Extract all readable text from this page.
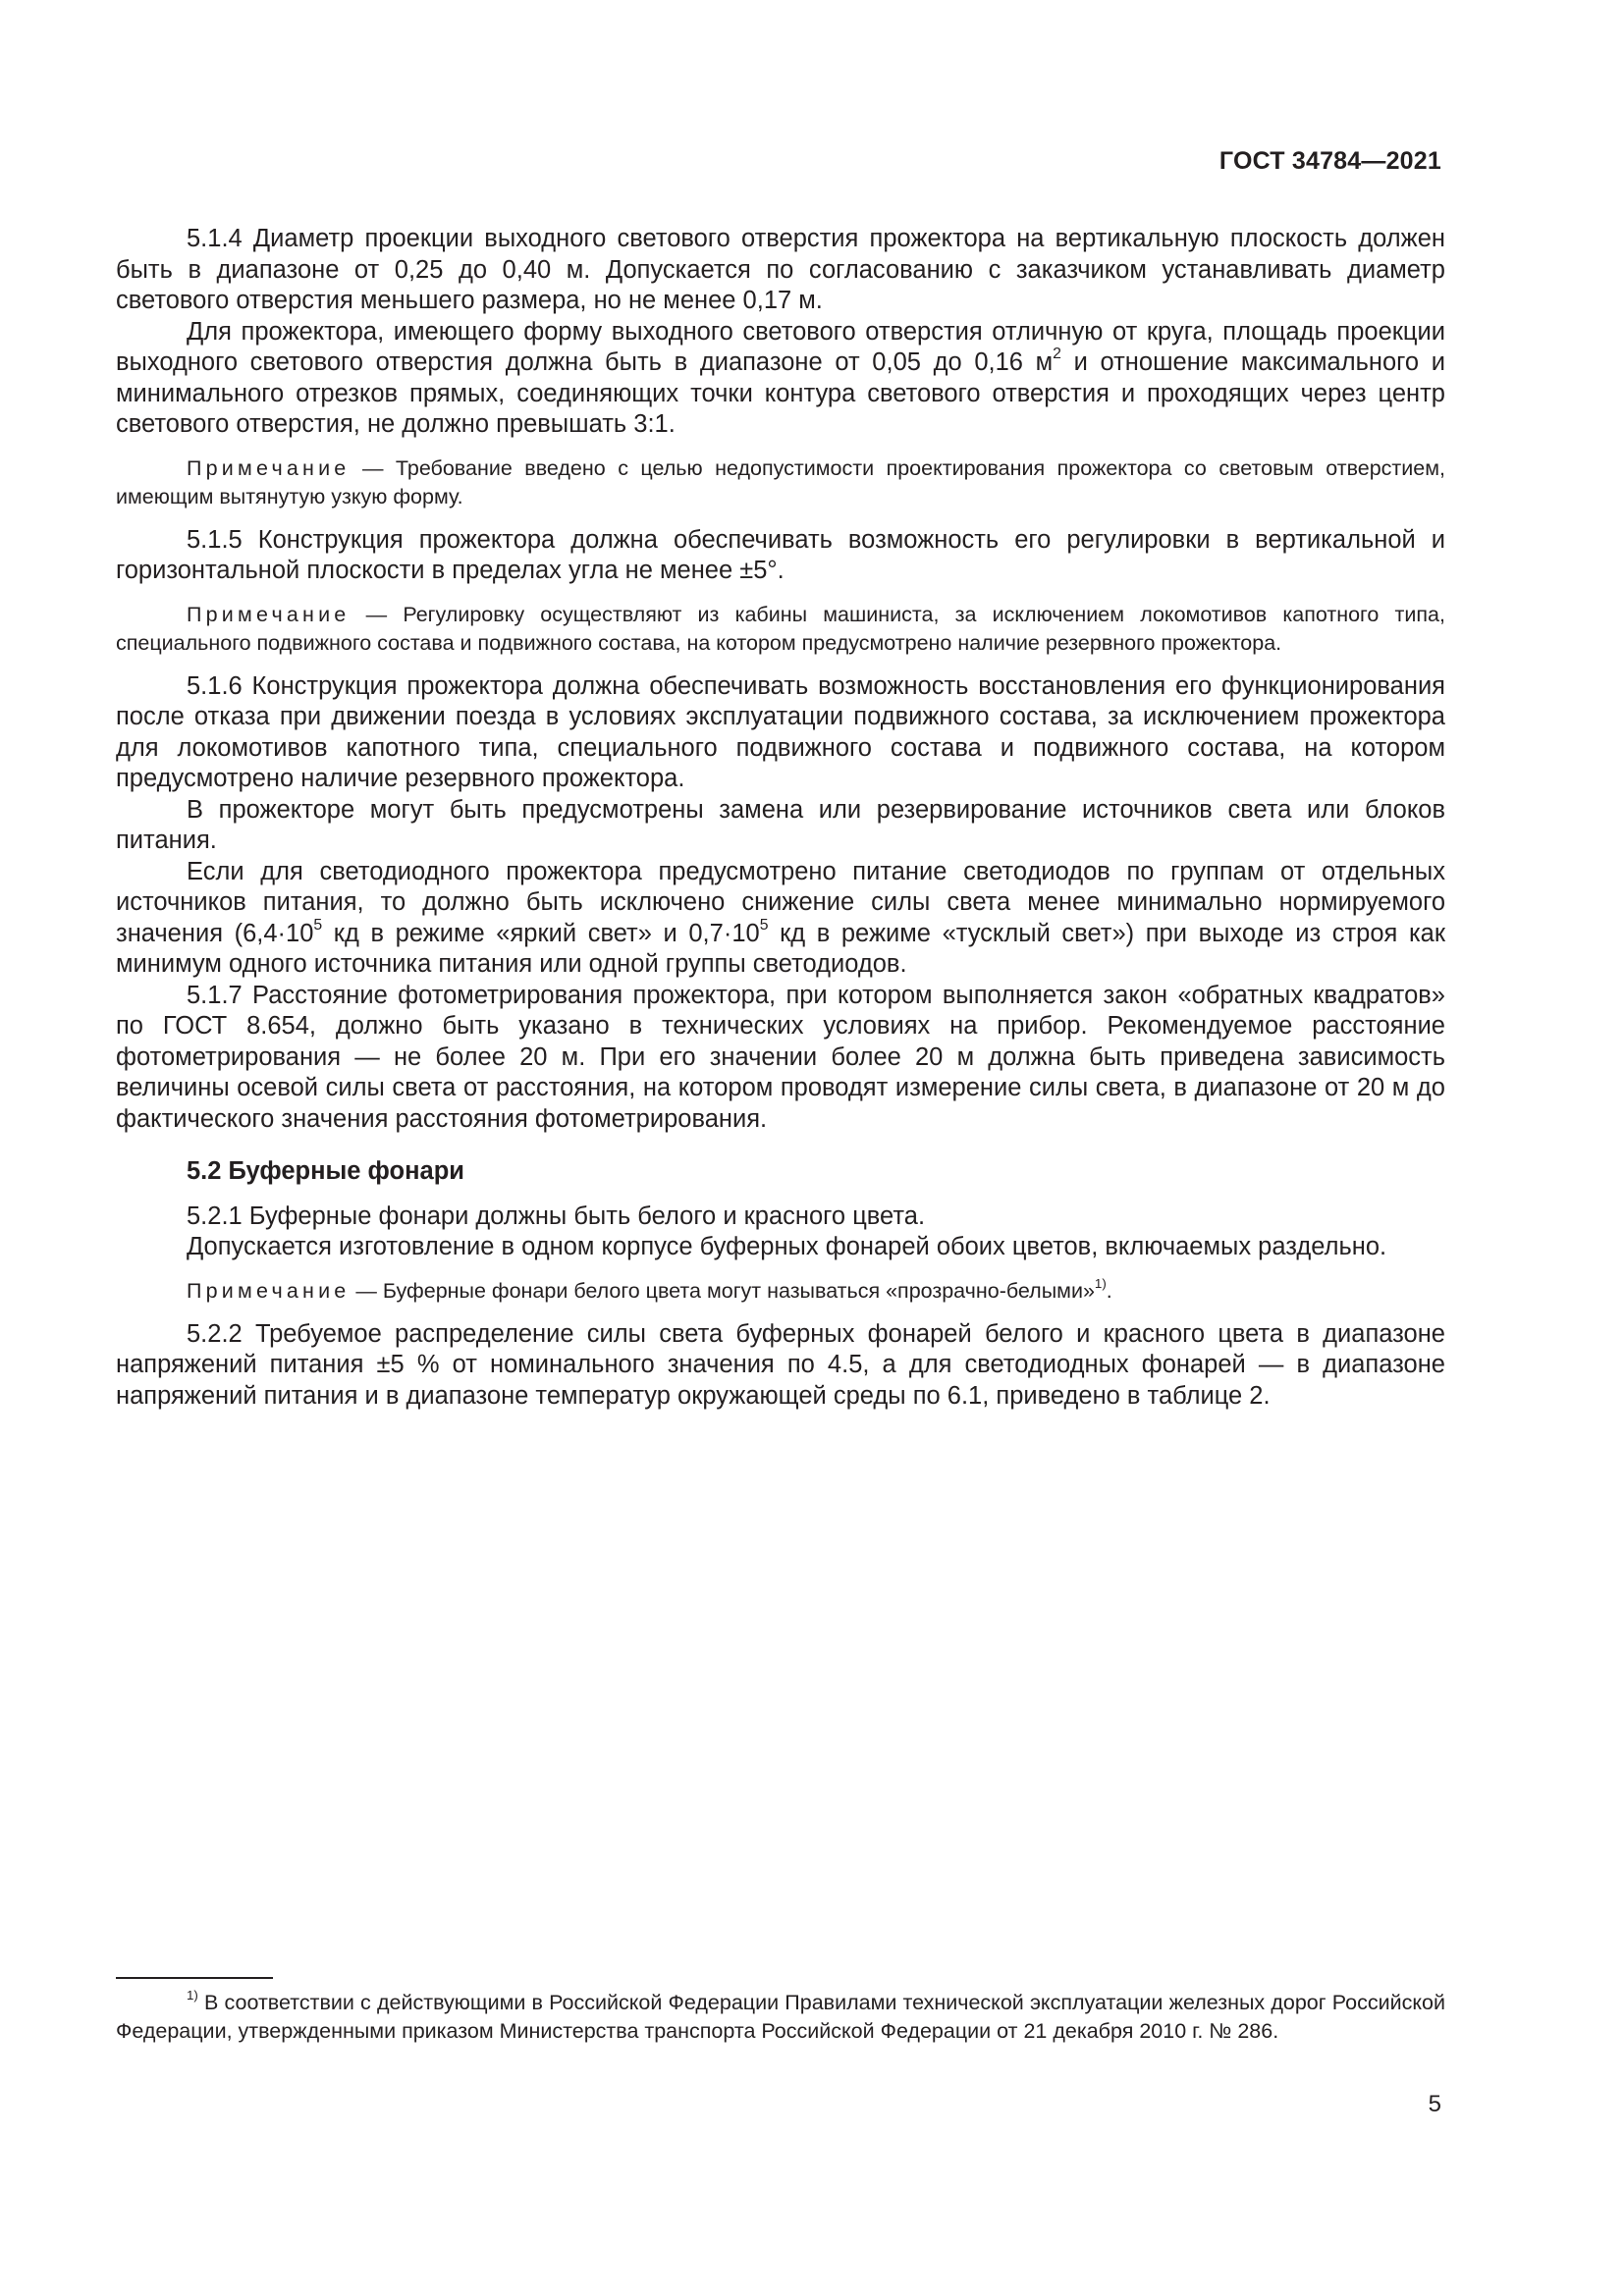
ГОСТ 34784—2021

5.1.4 Диаметр проекции выходного светового отверстия прожектора на вертикальную плоскость должен быть в диапазоне от 0,25 до 0,40 м. Допускается по согласованию с заказчиком устанавливать диаметр светового отверстия меньшего размера, но не менее 0,17 м.

Для прожектора, имеющего форму выходного светового отверстия отличную от круга, площадь проекции выходного светового отверстия должна быть в диапазоне от 0,05 до 0,16 $м^2$ и отношение максимального и минимального отрезков прямых, соединяющих точки контура светового отверстия и проходящих через центр светового отверстия, не должно превышать 3:1.

Примечание — Требование введено с целью недопустимости проектирования прожектора со световым отверстием, имеющим вытянутую узкую форму.

5.1.5 Конструкция прожектора должна обеспечивать возможность его регулировки в вертикальной и горизонтальной плоскости в пределах угла не менее ±5°.

Примечание — Регулировку осуществляют из кабины машиниста, за исключением локомотивов капотного типа, специального подвижного состава и подвижного состава, на котором предусмотрено наличие резервного прожектора.

5.1.6 Конструкция прожектора должна обеспечивать возможность восстановления его функционирования после отказа при движении поезда в условиях эксплуатации подвижного состава, за исключением прожектора для локомотивов капотного типа, специального подвижного состава и подвижного состава, на котором предусмотрено наличие резервного прожектора.

В прожекторе могут быть предусмотрены замена или резервирование источников света или блоков питания.

Если для светодиодного прожектора предусмотрено питание светодиодов по группам от отдельных источников питания, то должно быть исключено снижение силы света менее минимально нормируемого значения ($6,4\cdot 10^5$ кд в режиме «яркий свет» и $0,7\cdot 10^5$ кд в режиме «тусклый свет») при выходе из строя как минимум одного источника питания или одной группы светодиодов.

5.1.7 Расстояние фотометрирования прожектора, при котором выполняется закон «обратных квадратов» по ГОСТ 8.654, должно быть указано в технических условиях на прибор. Рекомендуемое расстояние фотометрирования — не более 20 м. При его значении более 20 м должна быть приведена зависимость величины осевой силы света от расстояния, на котором проводят измерение силы света, в диапазоне от 20 м до фактического значения расстояния фотометрирования.

5.2 Буферные фонари

5.2.1 Буферные фонари должны быть белого и красного цвета.

Допускается изготовление в одном корпусе буферных фонарей обоих цветов, включаемых раздельно.

Примечание — Буферные фонари белого цвета могут называться «прозрачно-белыми»$^{1)}$.

5.2.2 Требуемое распределение силы света буферных фонарей белого и красного цвета в диапазоне напряжений питания ±5 % от номинального значения по 4.5, а для светодиодных фонарей — в диапазоне напряжений питания и в диапазоне температур окружающей среды по 6.1, приведено в таблице 2.

$^{1)}$ В соответствии с действующими в Российской Федерации Правилами технической эксплуатации железных дорог Российской Федерации, утвержденными приказом Министерства транспорта Российской Федерации от 21 декабря 2010 г. № 286.

5
